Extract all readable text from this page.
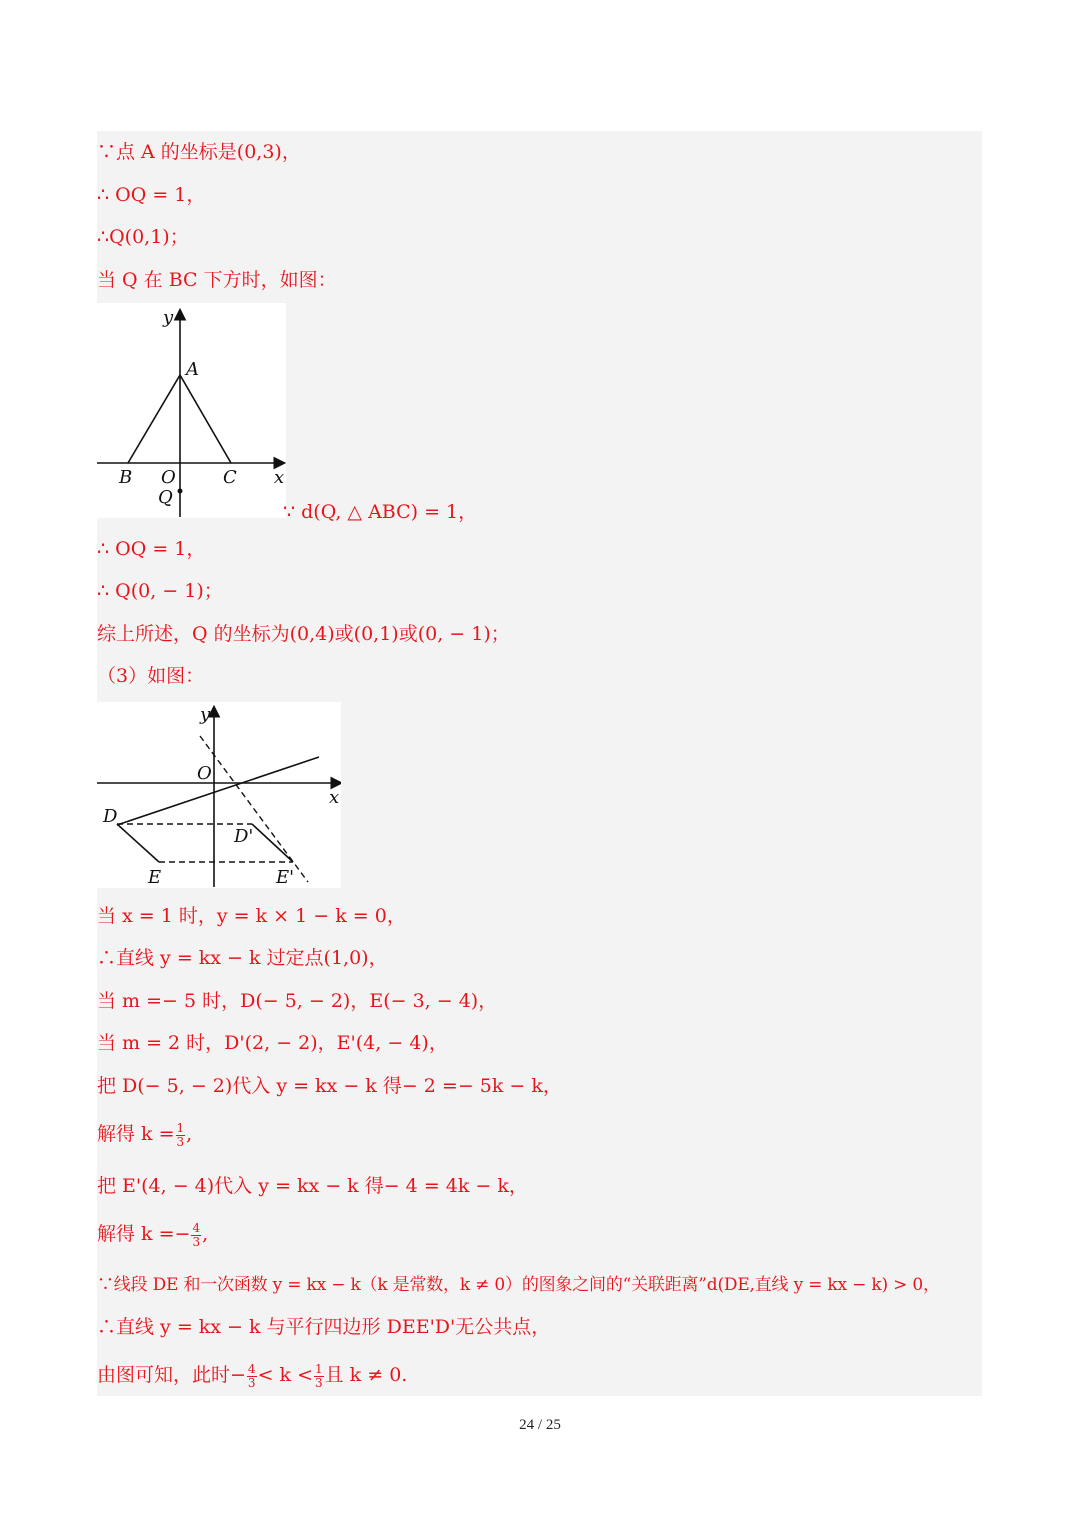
∵点 A 的坐标是(0,3)，
∴ OQ = 1，
∴Q(0,1)；
当 Q 在 BC 下方时，如图：
y
A
B O	C x
Q
∵ d(Q, △ ABC) = 1，
∴ OQ = 1，
∴ Q(0, − 1)；
综上所述，Q 的坐标为(0,4)或(0,1)或(0, − 1)；
（3）如图：
y
O
x
D
D'
E	E'
当 x = 1 时，y = k × 1 − k = 0，
∴直线 y = kx − k 过定点(1,0)，
当 m =− 5 时，D(− 5, − 2)，E(− 3, − 4)，
当 m = 2 时，D'(2, − 2)，E'(4, − 4)，
把 D(− 5, − 2)代入 y = kx − k 得− 2 =− 5k − k，
解得 $k = \frac{1}{3}$ ,
把 E'(4, − 4)代入 y = kx − k 得− 4 = 4k − k，
解得 $k =- \frac{4}{3}$ ,
∵线段 DE 和一次函数 y = kx − k（k 是常数，k ≠ 0）的图象之间的“关联距离”d(DE,直线 y = kx − k) > 0，
∴直线 y = kx − k 与平行四边形 DEE'D'无公共点，
由图可知，此时− $\frac{4}{3} < k < \frac{1}{3}$ 且 k ≠ 0.
24 / 25
